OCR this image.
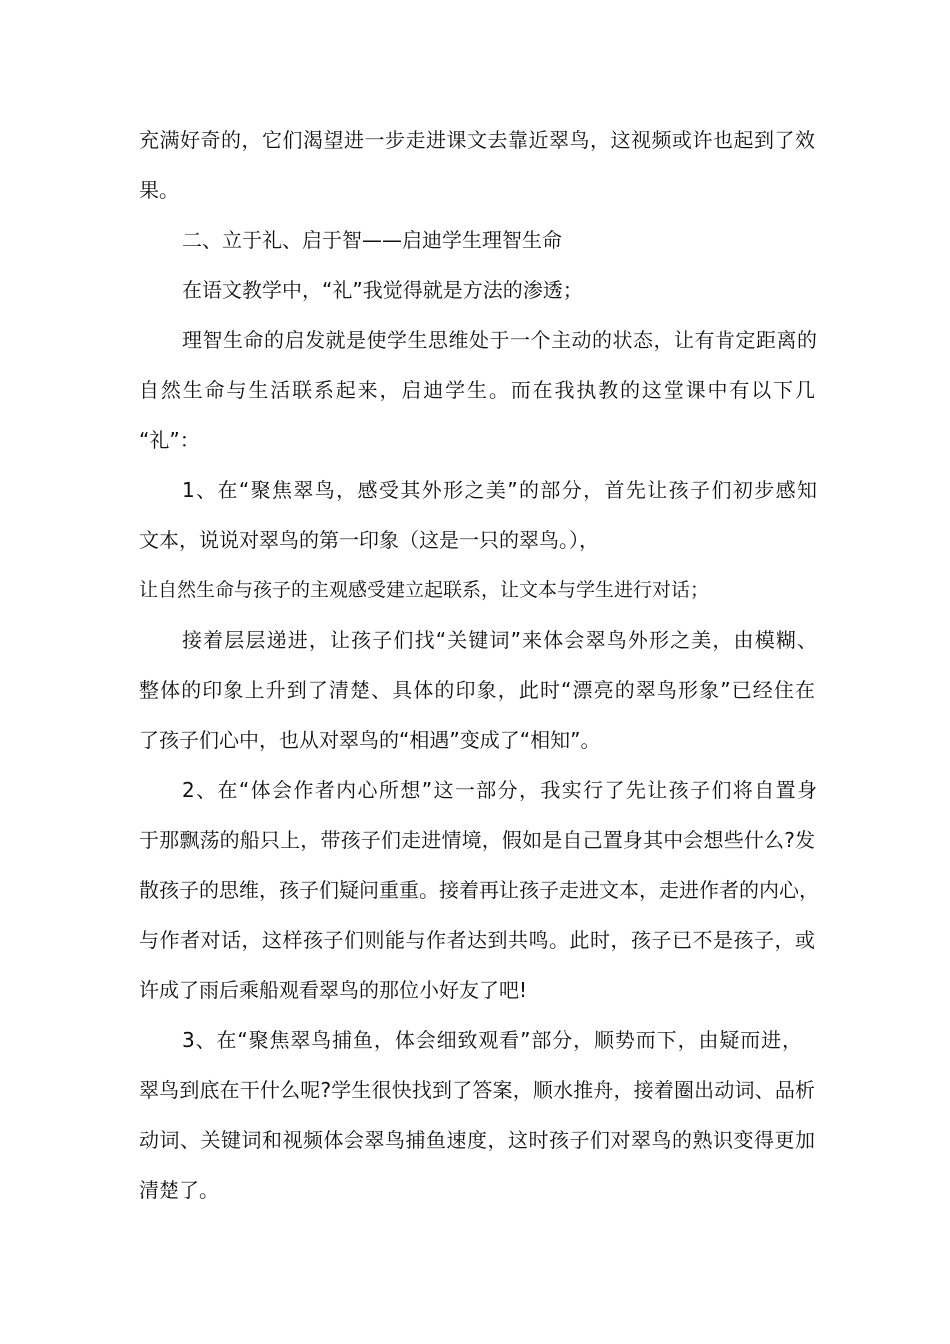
充满好奇的，它们渴望进一步走进课文去靠近翠鸟，这视频或许也起到了效
果。
二、立于礼、启于智——启迪学生理智生命
在语文教学中，“礼”我觉得就是方法的渗透；
理智生命的启发就是使学生思维处于一个主动的状态，让有肯定距离的
自然生命与生活联系起来，启迪学生。而在我执教的这堂课中有以下几
“礼”：
1、在“聚焦翠鸟，感受其外形之美”的部分，首先让孩子们初步感知
文本，说说对翠鸟的第一印象（这是一只的翠鸟。），
让自然生命与孩子的主观感受建立起联系，让文本与学生进行对话；
接着层层递进，让孩子们找“关键词”来体会翠鸟外形之美，由模糊、
整体的印象上升到了清楚、具体的印象，此时“漂亮的翠鸟形象”已经住在
了孩子们心中，也从对翠鸟的“相遇”变成了“相知”。
2、在“体会作者内心所想”这一部分，我实行了先让孩子们将自置身
于那飘荡的船只上，带孩子们走进情境，假如是自己置身其中会想些什么?发
散孩子的思维，孩子们疑问重重。接着再让孩子走进文本，走进作者的内心，
与作者对话，这样孩子们则能与作者达到共鸣。此时，孩子已不是孩子，或
许成了雨后乘船观看翠鸟的那位小好友了吧!
3、在“聚焦翠鸟捕鱼，体会细致观看”部分，顺势而下，由疑而进，
翠鸟到底在干什么呢?学生很快找到了答案，顺水推舟，接着圈出动词、品析
动词、关键词和视频体会翠鸟捕鱼速度，这时孩子们对翠鸟的熟识变得更加
清楚了。
